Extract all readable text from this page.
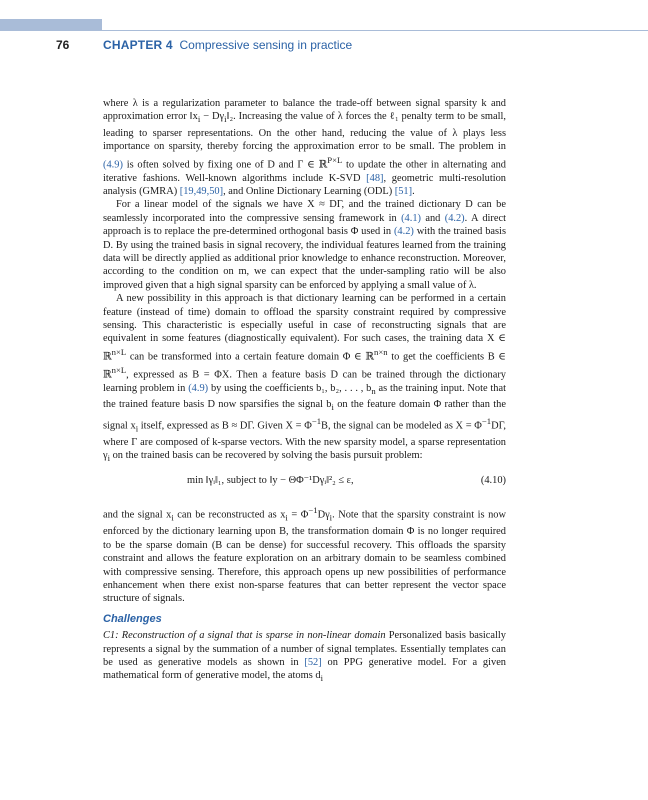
76	CHAPTER 4 Compressive sensing in practice

where λ is a regularization parameter to balance the trade-off between signal sparsity k and approximation error $‖x_i$ − $D\gamma_i‖_2$. Increasing the value of λ forces the ℓ₁ penalty term to be small, leading to sparser representations. On the other hand, reducing the value of λ plays less importance on sparsity, thereby forcing the approximation error to be small. The problem in (4.9) is often solved by fixing one of D and Γ ∈ ℝ$^{P\times L}$ to update the other in alternating and iterative fashions. Well-known algorithms include K-SVD [48], geometric multi-resolution analysis (GMRA) [19,49,50], and Online Dictionary Learning (ODL) [51].

For a linear model of the signals we have X ≈ DΓ, and the trained dictionary D can be seamlessly incorporated into the compressive sensing framework in (4.1) and (4.2). A direct approach is to replace the pre-determined orthogonal basis Φ used in (4.2) with the trained basis D. By using the trained basis in signal recovery, the individual features learned from the training data will be directly applied as additional prior knowledge to enhance reconstruction. Moreover, according to the condition on m, we can expect that the under-sampling ratio will be also improved given that a high signal sparsity can be enforced by applying a small value of λ.

A new possibility in this approach is that dictionary learning can be performed in a certain feature (instead of time) domain to offload the sparsity constraint required by compressive sensing. This characteristic is especially useful in case of reconstructing signals that are equivalent in some features (diagnostically equivalent). For such cases, the training data X ∈ ℝ$^{n\times L}$ can be transformed into a certain feature domain Φ ∈ ℝ$^{n\times n}$ to get the coefficients B ∈ ℝ$^{n\times L}$, expressed as B = ΦX. Then a feature basis D can be trained through the dictionary learning problem in (4.9) by using the coefficients b₁, b₂, . . . , $b_n$ as the training input. Note that the trained feature basis D now sparsifies the signal $b_i$ on the feature domain Φ rather than the signal $x_i$ itself, expressed as B ≈ DΓ. Given $X = \Phi^{-1}B$, the signal can be modeled as $X = \Phi^{-1}D\Gamma$, where Γ are composed of k-sparse vectors. With the new sparsity model, a sparse representation $\gamma_i$ on the trained basis can be recovered by solving the basis pursuit problem:

min ‖γᵢ‖₁, subject to ‖y − ΘΦ⁻¹Dγᵢ‖²₂ ≤ ε,	(4.10)

and the signal $x_i$ can be reconstructed as $x_i = \Phi^{-1}D\gamma_i$. Note that the sparsity constraint is now enforced by the dictionary learning upon B, the transformation domain Φ is no longer required to be the sparse domain (B can be dense) for successful recovery. This offloads the sparsity constraint and allows the feature exploration on an arbitrary domain to be seamless combined with compressive sensing. Therefore, this approach opens up new possibilities of performance enhancement when there exist non-sparse features that can better represent the vector space structure of signals.

Challenges

C1: Reconstruction of a signal that is sparse in non-linear domain Personalized basis basically represents a signal by the summation of a number of signal templates. Essentially templates can be used as generative models as shown in [52] on PPG generative model. For a given mathematical form of generative model, the atoms $d_i$
